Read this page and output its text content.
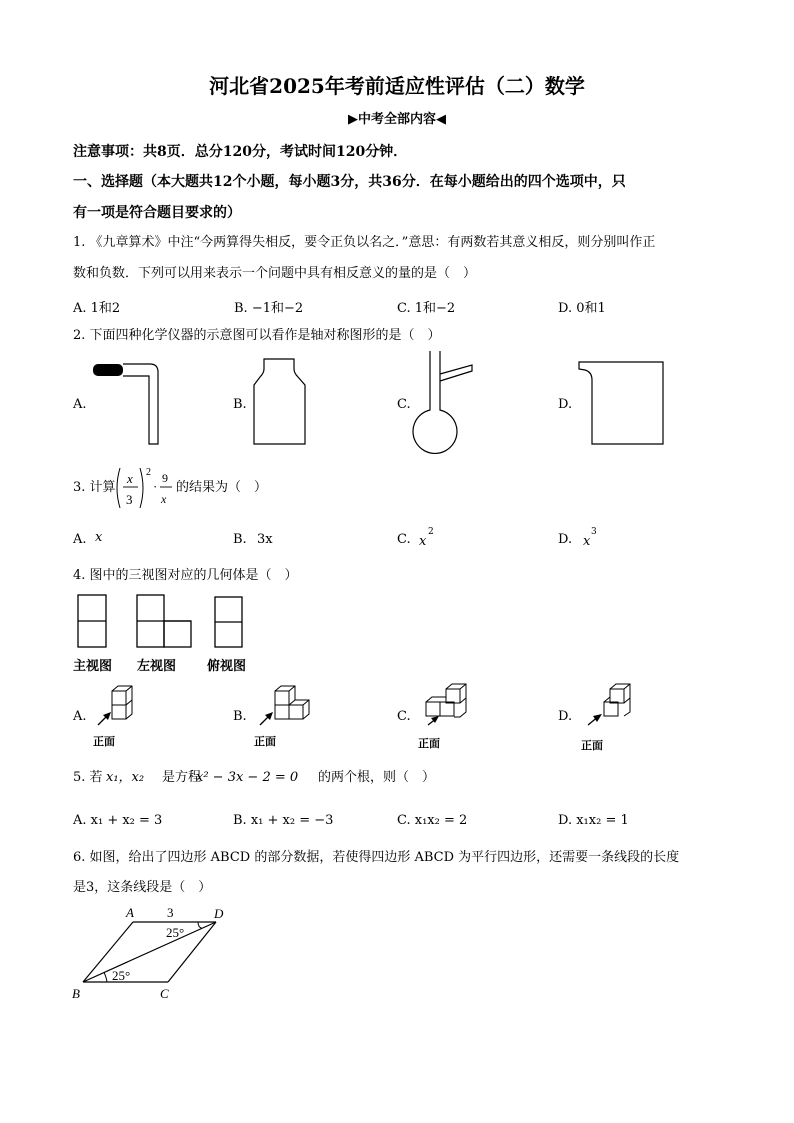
河北省2025年考前适应性评估（二）数学
▶中考全部内容◀
注意事项：共8页．总分120分，考试时间120分钟．
一、选择题（本大题共12个小题，每小题3分，共36分．在每小题给出的四个选项中，只
有一项是符合题目要求的）
1. 《九章算术》中注“今两算得失相反，要令正负以名之．”意思：有两数若其意义相反，则分别叫作正
数和负数．下列可以用来表示一个问题中具有相反意义的量的是（　）
A. 1和2	B. −1和−2	C. 1和−2	D. 0和1
2. 下面四种化学仪器的示意图可以看作是轴对称图形的是（　）
A.	B.	C.	D.
3. 计算
x
3
2
·
9
x
的结果为（　）
A. x	B. 3x	C. x
2	D. x
3
4. 图中的三视图对应的几何体是（　）
主视图 左视图 俯视图
A.	B.	C.	D.
正面	正面	正面	正面
5. 若 x₁，x₂ 是方程
x² − 3x − 2 = 0 的两个根，则（　）
A. x₁ + x₂ = 3	B. x₁ + x₂ = −3	C. x₁x₂ = 2	D. x₁x₂ = 1
6. 如图，给出了四边形 ABCD 的部分数据，若使得四边形 ABCD 为平行四边形，还需要一条线段的长度
是3，这条线段是（　）
A	D
B	C
3
25°
25°
